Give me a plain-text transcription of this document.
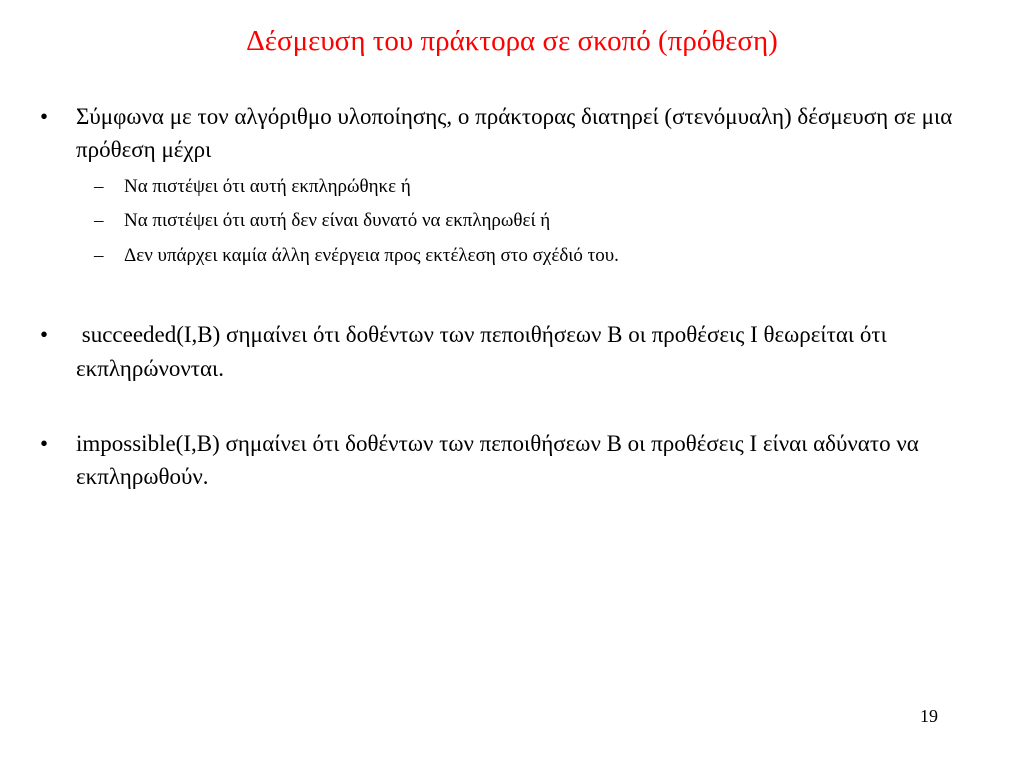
Δέσμευση του πράκτορα σε σκοπό (πρόθεση)
• Σύμφωνα με τον αλγόριθμο υλοποίησης, ο πράκτορας διατηρεί (στενόμυαλη) δέσμευση σε μια πρόθεση μέχρι
– Να πιστέψει ότι αυτή εκπληρώθηκε ή
– Να πιστέψει ότι αυτή δεν είναι δυνατό να εκπληρωθεί ή
– Δεν υπάρχει καμία άλλη ενέργεια προς εκτέλεση στο σχέδιό του.
• succeeded(I,B) σημαίνει ότι δοθέντων των πεποιθήσεων B οι προθέσεις I θεωρείται ότι εκπληρώνονται.
• impossible(I,B) σημαίνει ότι δοθέντων των πεποιθήσεων B οι προθέσεις I είναι αδύνατο να εκπληρωθούν.
19
